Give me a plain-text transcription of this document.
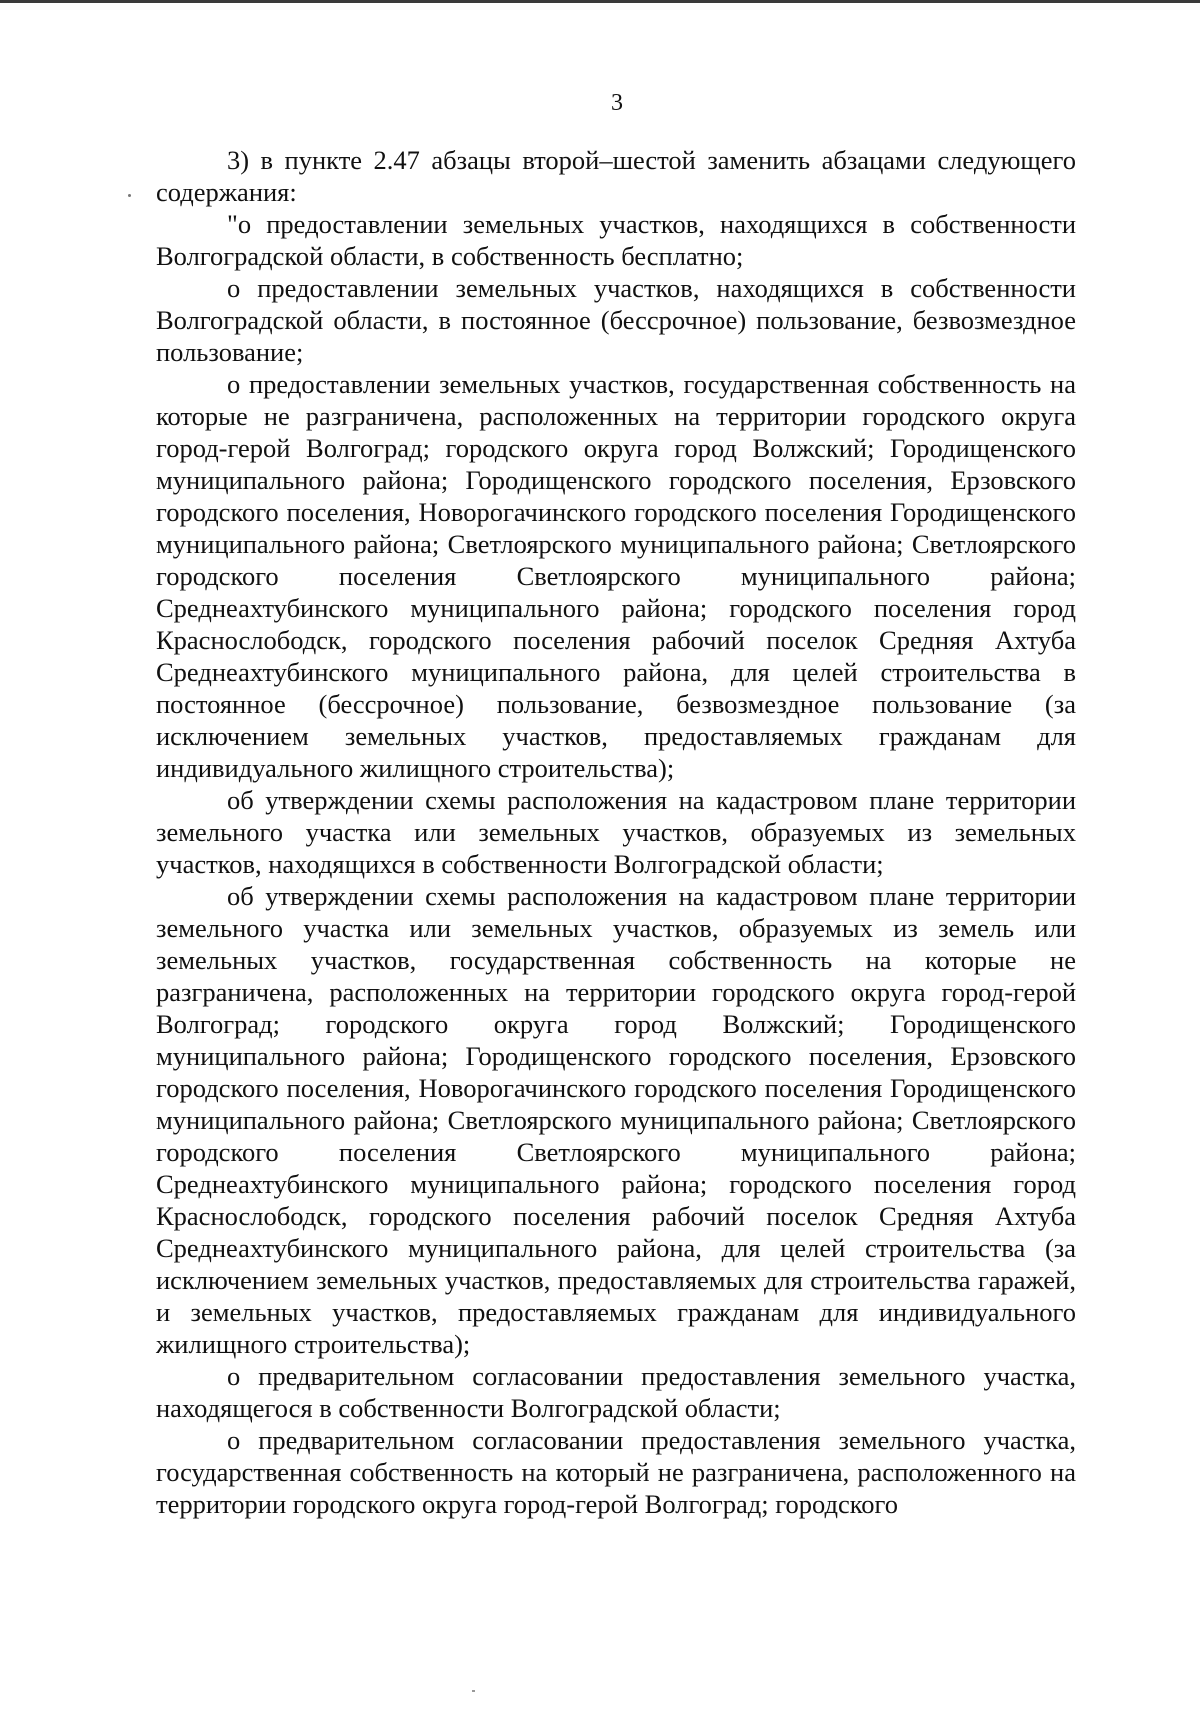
3

3) в пункте 2.47 абзацы второй–шестой заменить абзацами следующего содержания:

"о предоставлении земельных участков, находящихся в собственности Волгоградской области, в собственность бесплатно;

о предоставлении земельных участков, находящихся в собственности Волгоградской области, в постоянное (бессрочное) пользование, безвозмездное пользование;

о предоставлении земельных участков, государственная собственность на которые не разграничена, расположенных на территории городского округа город-герой Волгоград; городского округа город Волжский; Городищенского муниципального района; Городищенского городского поселения, Ерзовского городского поселения, Новорогачинского городского поселения Городищенского муниципального района; Светлоярского муниципального района; Светлоярского городского поселения Светлоярского муниципального района; Среднеахтубинского муниципального района; городского поселения город Краснослободск, городского поселения рабочий поселок Средняя Ахтуба Среднеахтубинского муниципального района, для целей строительства в постоянное (бессрочное) пользование, безвозмездное пользование (за исключением земельных участков, предоставляемых гражданам для индивидуального жилищного строительства);

об утверждении схемы расположения на кадастровом плане территории земельного участка или земельных участков, образуемых из земельных участков, находящихся в собственности Волгоградской области;

об утверждении схемы расположения на кадастровом плане территории земельного участка или земельных участков, образуемых из земель или земельных участков, государственная собственность на которые не разграничена, расположенных на территории городского округа город-герой Волгоград; городского округа город Волжский; Городищенского муниципального района; Городищенского городского поселения, Ерзовского городского поселения, Новорогачинского городского поселения Городищенского муниципального района; Светлоярского муниципального района; Светлоярского городского поселения Светлоярского муниципального района; Среднеахтубинского муниципального района; городского поселения город Краснослободск, городского поселения рабочий поселок Средняя Ахтуба Среднеахтубинского муниципального района, для целей строительства (за исключением земельных участков, предоставляемых для строительства гаражей, и земельных участков, предоставляемых гражданам для индивидуального жилищного строительства);

о предварительном согласовании предоставления земельного участка, находящегося в собственности Волгоградской области;

о предварительном согласовании предоставления земельного участка, государственная собственность на который не разграничена, расположенного на территории городского округа город-герой Волгоград; городского
